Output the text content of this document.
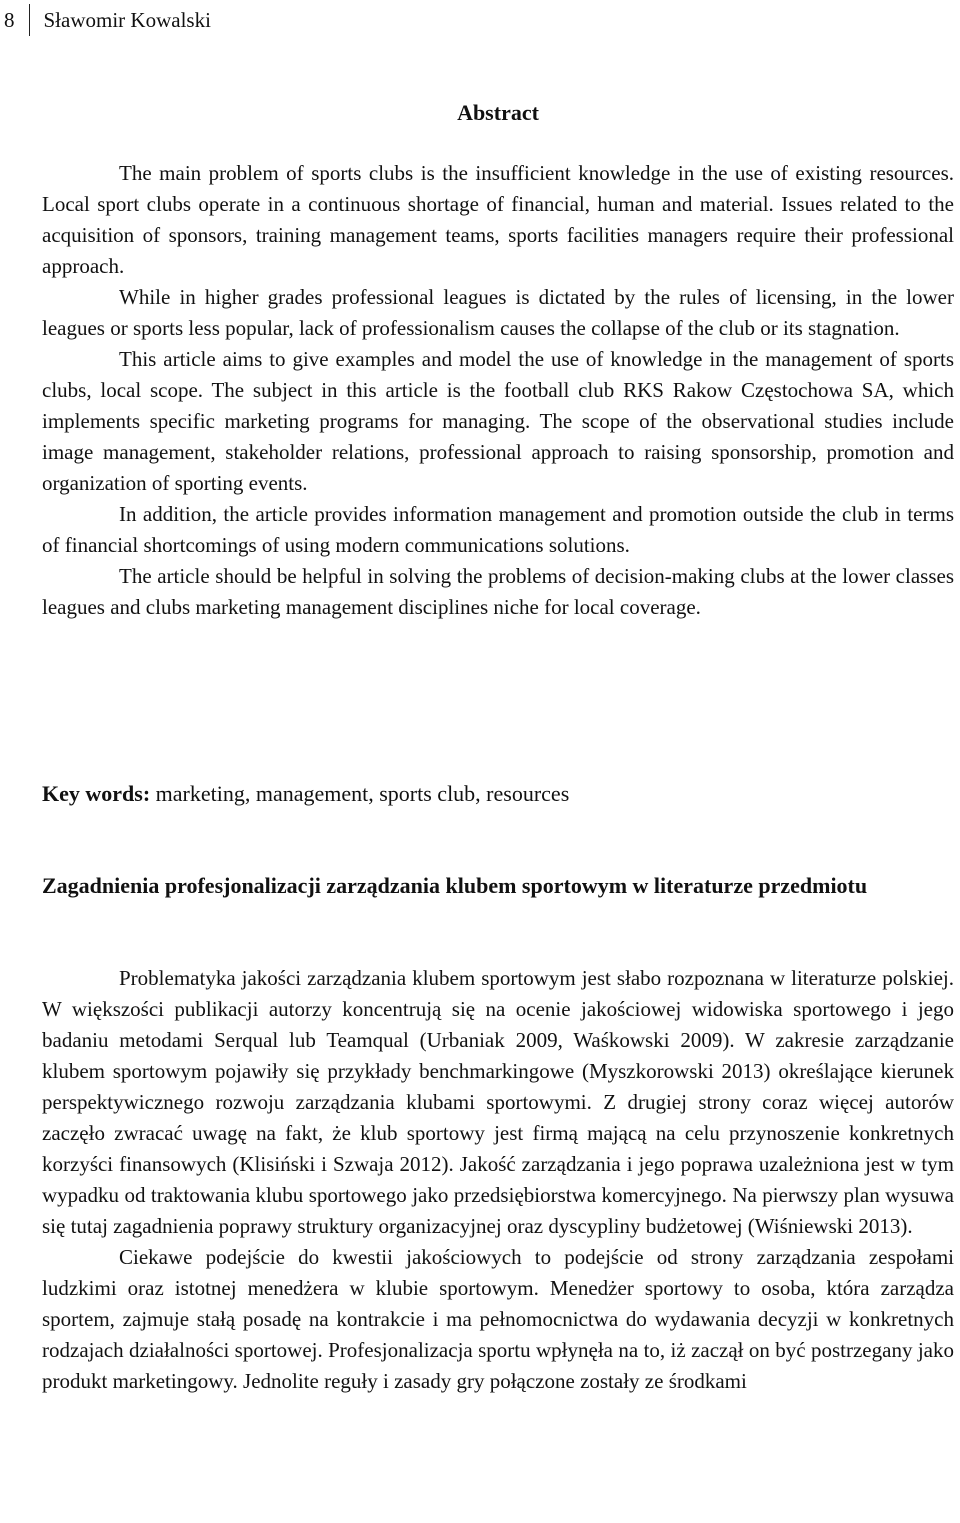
8	Sławomir Kowalski
Abstract

The main problem of sports clubs is the insufficient knowledge in the use of existing resources. Local sport clubs operate in a continuous shortage of financial, human and material. Issues related to the acquisition of sponsors, training management teams, sports facilities managers require their professional approach.

While in higher grades professional leagues is dictated by the rules of licensing, in the lower leagues or sports less popular, lack of professionalism causes the collapse of the club or its stagnation.

This article aims to give examples and model the use of knowledge in the management of sports clubs, local scope. The subject in this article is the football club RKS Rakow Częstochowa SA, which implements specific marketing programs for managing. The scope of the observational studies include image management, stakeholder relations, professional approach to raising sponsorship, promotion and organization of sporting events.

In addition, the article provides information management and promotion outside the club in terms of financial shortcomings of using modern communications solutions.

The article should be helpful in solving the problems of decision-making clubs at the lower classes leagues and clubs marketing management disciplines niche for local coverage.

Key words: marketing, management, sports club, resources
Zagadnienia profesjonalizacji zarządzania klubem sportowym w literaturze przedmiotu

Problematyka jakości zarządzania klubem sportowym jest słabo rozpoznana w literaturze polskiej. W większości publikacji autorzy koncentrują się na ocenie jakościowej widowiska sportowego i jego badaniu metodami Serqual lub Teamqual (Urbaniak 2009, Waśkowski 2009). W zakresie zarządzanie klubem sportowym pojawiły się przykłady benchmarkingowe (Myszkorowski 2013) określające kierunek perspektywicznego rozwoju zarządzania klubami sportowymi. Z drugiej strony coraz więcej autorów zaczęło zwracać uwagę na fakt, że klub sportowy jest firmą mającą na celu przynoszenie konkretnych korzyści finansowych (Klisiński i Szwaja 2012). Jakość zarządzania i jego poprawa uzależniona jest w tym wypadku od traktowania klubu sportowego jako przedsiębiorstwa komercyjnego. Na pierwszy plan wysuwa się tutaj zagadnienia poprawy struktury organizacyjnej oraz dyscypliny budżetowej (Wiśniewski 2013).

Ciekawe podejście do kwestii jakościowych to podejście od strony zarządzania zespołami ludzkimi oraz istotnej menedżera w klubie sportowym. Menedżer sportowy to osoba, która zarządza sportem, zajmuje stałą posadę na kontrakcie i ma pełnomocnictwa do wydawania decyzji w konkretnych rodzajach działalności sportowej. Profesjonalizacja sportu wpłynęła na to, iż zaczął on być postrzegany jako produkt marketingowy. Jednolite reguły i zasady gry połączone zostały ze środkami
